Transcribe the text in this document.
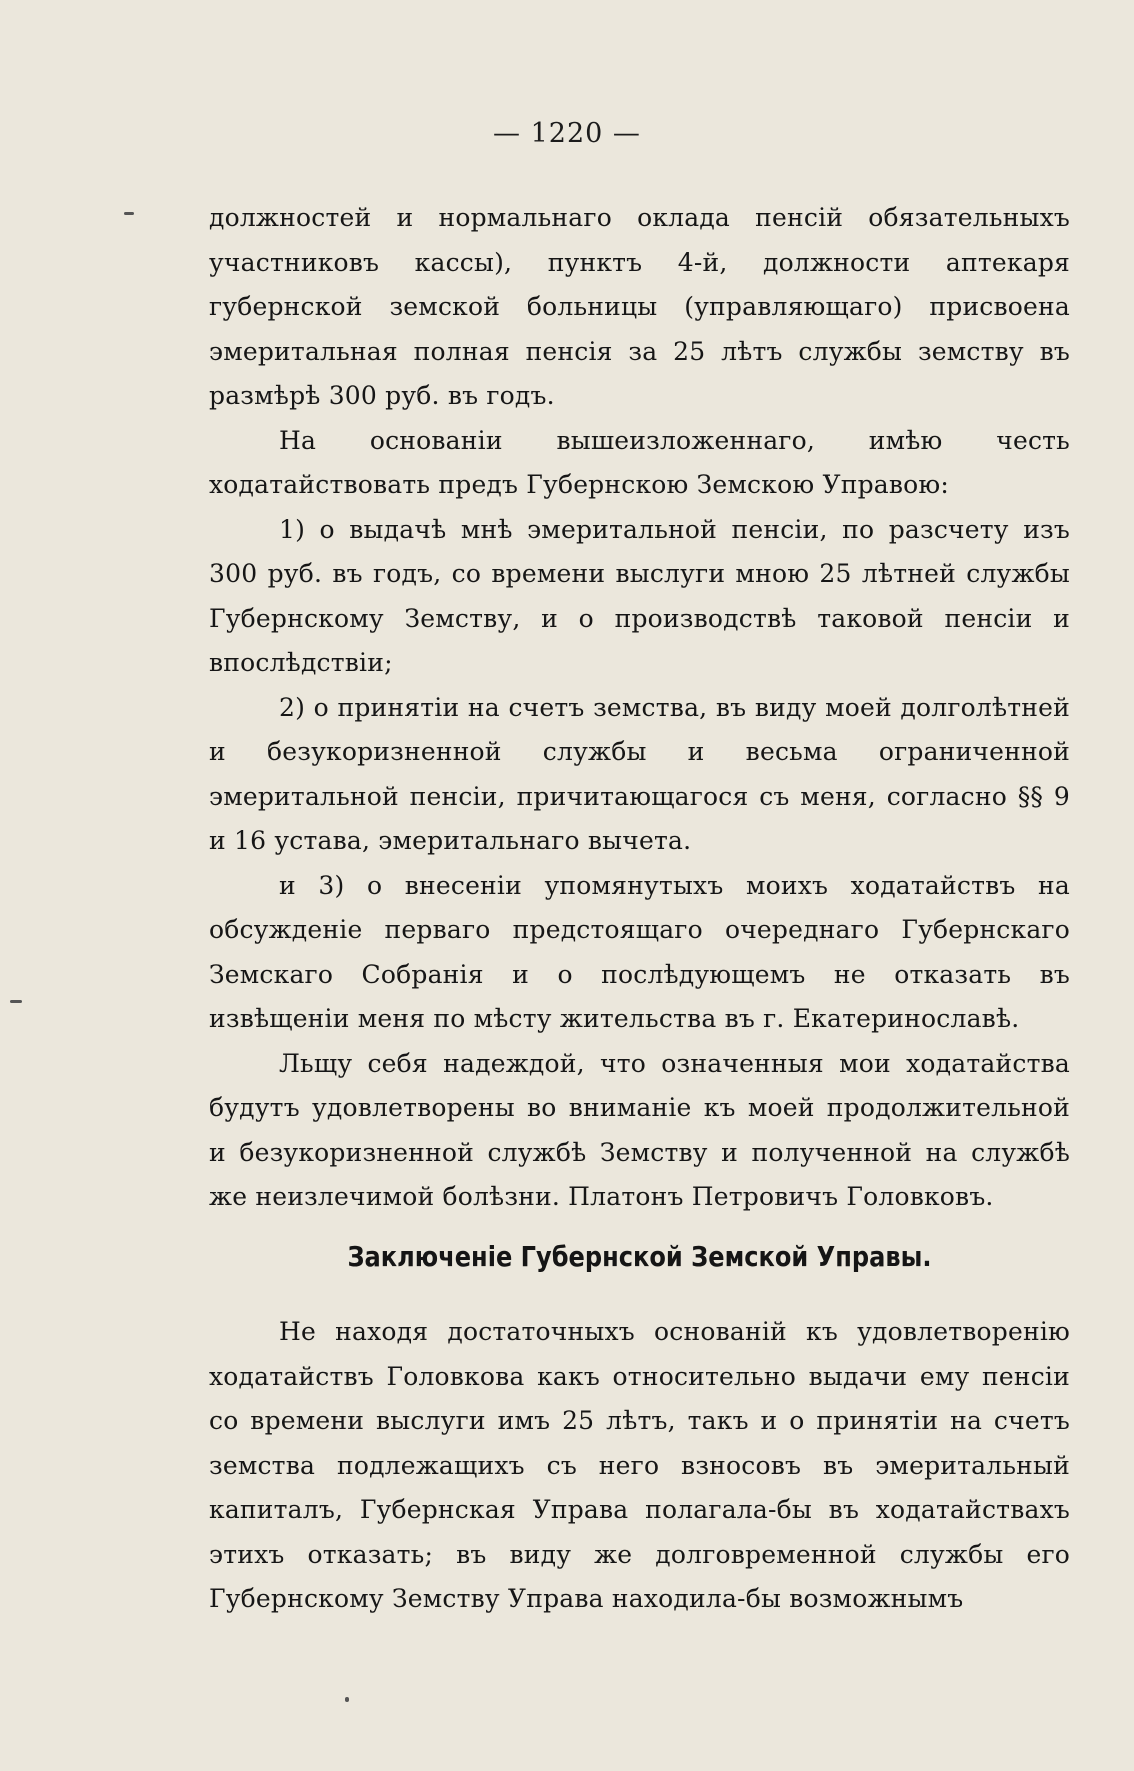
— 1220 —

должностей и нормальнаго оклада пенсій обязательныхъ участниковъ кассы), пунктъ 4-й, должности аптекаря губернской земской больницы (управляющаго) присвоена эмеритальная полная пенсія за 25 лѣтъ службы земству въ размѣрѣ 300 руб. въ годъ.

На основаніи вышеизложеннаго, имѣю честь ходатайствовать предъ Губернскою Земскою Управою:

1) о выдачѣ мнѣ эмеритальной пенсіи, по разсчету изъ 300 руб. въ годъ, со времени выслуги мною 25 лѣтней службы Губернскому Земству, и о производствѣ таковой пенсіи и впослѣдствіи;

2) о принятіи на счетъ земства, въ виду моей долголѣтней и безукоризненной службы и весьма ограниченной эмеритальной пенсіи, причитающагося съ меня, согласно §§ 9 и 16 устава, эмеритальнаго вычета.

и 3) о внесеніи упомянутыхъ моихъ ходатайствъ на обсужденіе перваго предстоящаго очереднаго Губернскаго Земскаго Собранія и о послѣдующемъ не отказать въ извѣщеніи меня по мѣсту жительства въ г. Екатеринославѣ.

Льщу себя надеждой, что означенныя мои ходатайства будутъ удовлетворены во вниманіе къ моей продолжительной и безукоризненной службѣ Земству и полученной на службѣ же неизлечимой болѣзни. Платонъ Петровичъ Головковъ.

Заключеніе Губернской Земской Управы.

Не находя достаточныхъ основаній къ удовлетворенію ходатайствъ Головкова какъ относительно выдачи ему пенсіи со времени выслуги имъ 25 лѣтъ, такъ и о принятіи на счетъ земства подлежащихъ съ него взносовъ въ эмеритальный капиталъ, Губернская Управа полагала-бы въ ходатайствахъ этихъ отказать; въ виду же долговременной службы его Губернскому Земству Управа находила-бы возможнымъ
